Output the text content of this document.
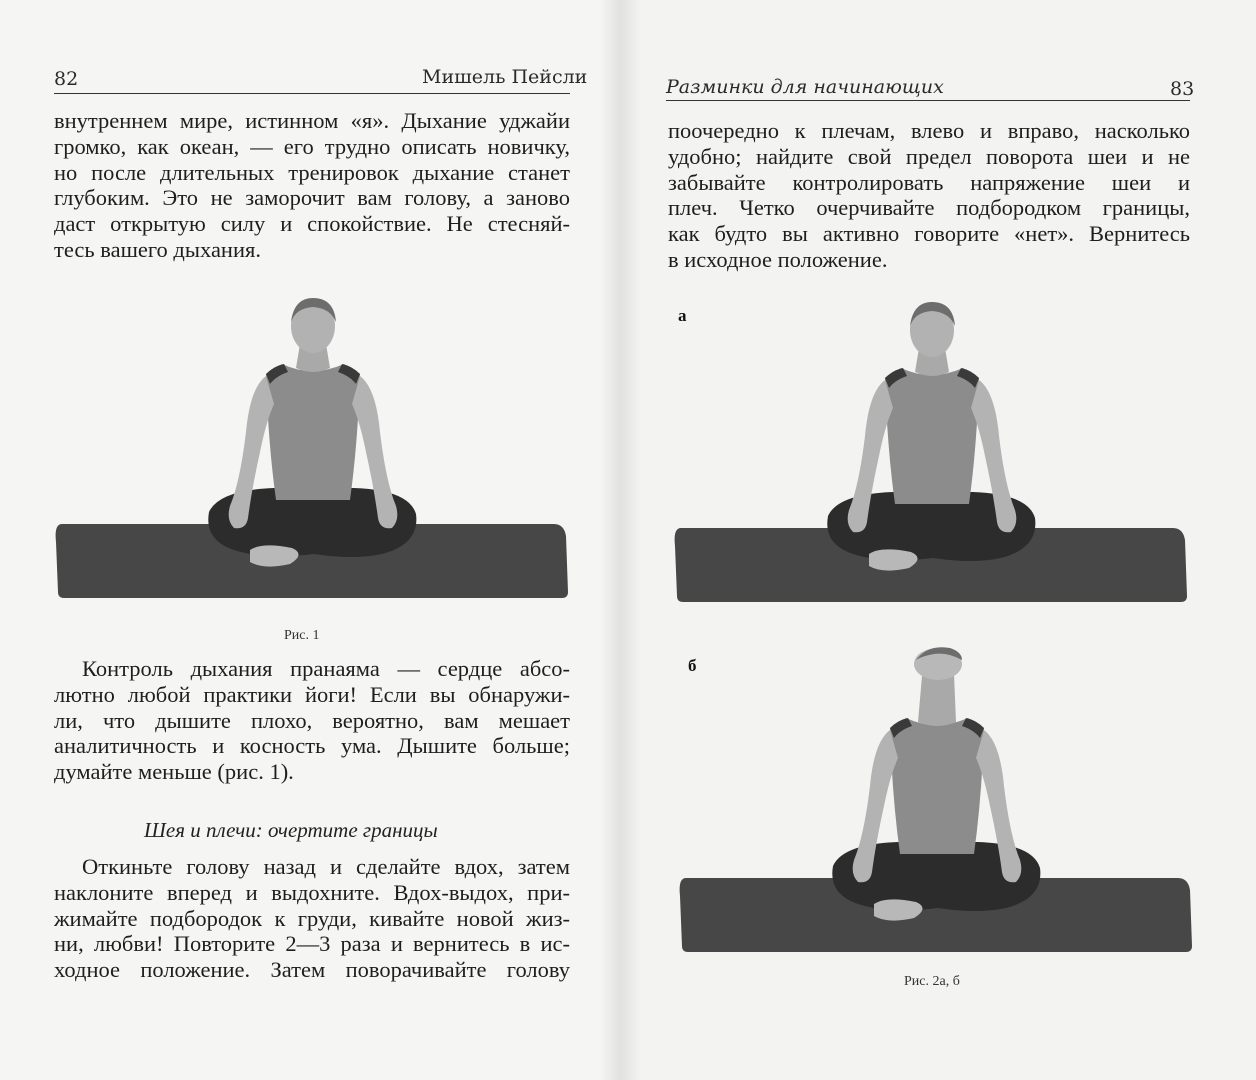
82	Мишель Пейсли
внутреннем мире, истинном «я». Дыхание уджайи
громко, как океан, — его трудно описать новичку,
но после длительных тренировок дыхание станет
глубоким. Это не заморочит вам голову, а заново
даст открытую силу и спокойствие. Не стесняй-
тесь вашего дыхания.
Рис. 1
Контроль дыхания пранаяма — сердце абсо-
лютно любой практики йоги! Если вы обнаружи-
ли, что дышите плохо, вероятно, вам мешает
аналитичность и косность ума. Дышите больше;
думайте меньше (рис. 1).
Шея и плечи: очертите границы
Откиньте голову назад и сделайте вдох, затем
наклоните вперед и выдохните. Вдох-выдох, при-
жимайте подбородок к груди, кивайте новой жиз-
ни, любви! Повторите 2—3 раза и вернитесь в ис-
ходное положение. Затем поворачивайте голову
Разминки для начинающих	83
поочередно к плечам, влево и вправо, насколько
удобно; найдите свой предел поворота шеи и не
забывайте контролировать напряжение шеи и
плеч. Четко очерчивайте подбородком границы,
как будто вы активно говорите «нет». Вернитесь
в исходное положение.
а
б
Рис. 2а, б
